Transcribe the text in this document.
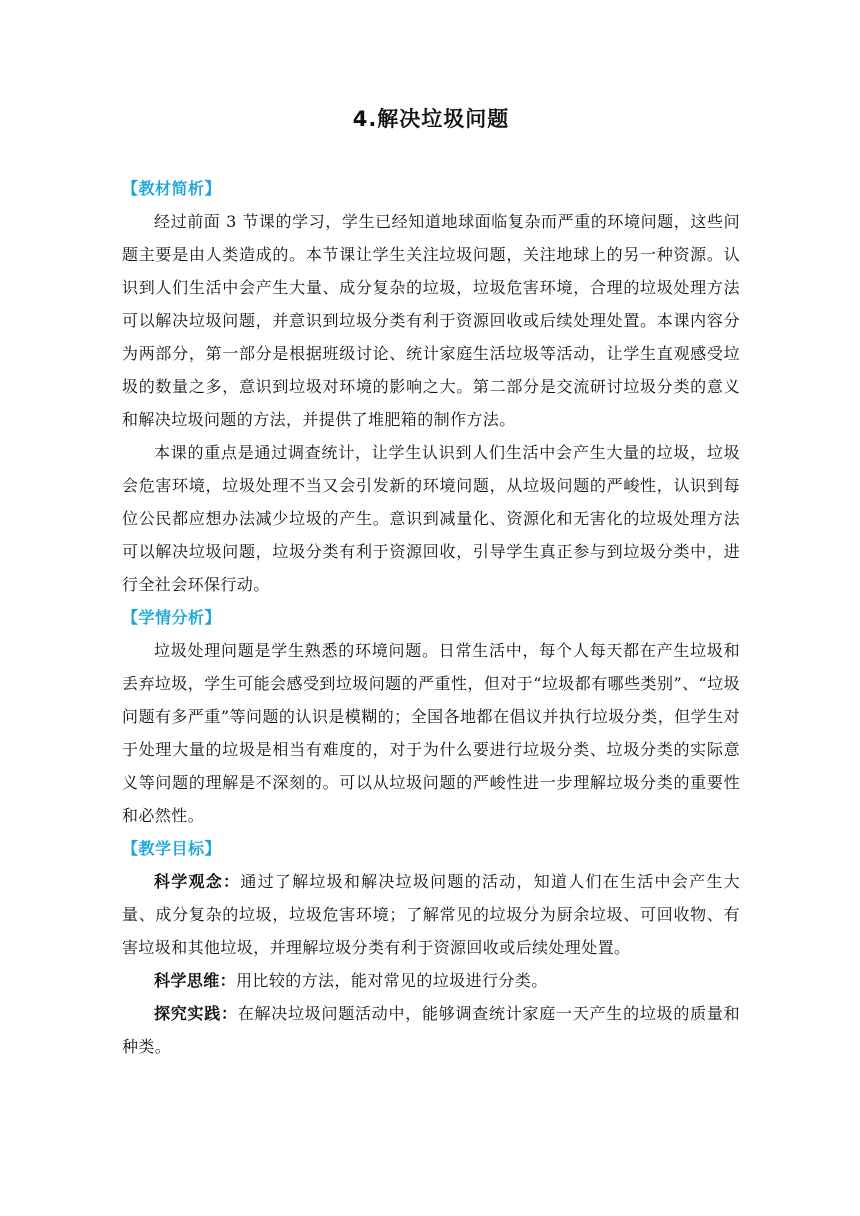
4.解决垃圾问题

【教材简析】

经过前面 3 节课的学习，学生已经知道地球面临复杂而严重的环境问题，这些问题主要是由人类造成的。本节课让学生关注垃圾问题，关注地球上的另一种资源。认识到人们生活中会产生大量、成分复杂的垃圾，垃圾危害环境，合理的垃圾处理方法可以解决垃圾问题，并意识到垃圾分类有利于资源回收或后续处理处置。本课内容分为两部分，第一部分是根据班级讨论、统计家庭生活垃圾等活动，让学生直观感受垃圾的数量之多，意识到垃圾对环境的影响之大。第二部分是交流研讨垃圾分类的意义和解决垃圾问题的方法，并提供了堆肥箱的制作方法。

本课的重点是通过调查统计，让学生认识到人们生活中会产生大量的垃圾，垃圾会危害环境，垃圾处理不当又会引发新的环境问题，从垃圾问题的严峻性，认识到每位公民都应想办法减少垃圾的产生。意识到减量化、资源化和无害化的垃圾处理方法可以解决垃圾问题，垃圾分类有利于资源回收，引导学生真正参与到垃圾分类中，进行全社会环保行动。

【学情分析】

垃圾处理问题是学生熟悉的环境问题。日常生活中，每个人每天都在产生垃圾和丢弃垃圾，学生可能会感受到垃圾问题的严重性，但对于“垃圾都有哪些类别”、“垃圾问题有多严重”等问题的认识是模糊的；全国各地都在倡议并执行垃圾分类，但学生对于处理大量的垃圾是相当有难度的，对于为什么要进行垃圾分类、垃圾分类的实际意义等问题的理解是不深刻的。可以从垃圾问题的严峻性进一步理解垃圾分类的重要性和必然性。

【教学目标】

科学观念：通过了解垃圾和解决垃圾问题的活动，知道人们在生活中会产生大量、成分复杂的垃圾，垃圾危害环境；了解常见的垃圾分为厨余垃圾、可回收物、有害垃圾和其他垃圾，并理解垃圾分类有利于资源回收或后续处理处置。

科学思维：用比较的方法，能对常见的垃圾进行分类。

探究实践：在解决垃圾问题活动中，能够调查统计家庭一天产生的垃圾的质量和种类。
